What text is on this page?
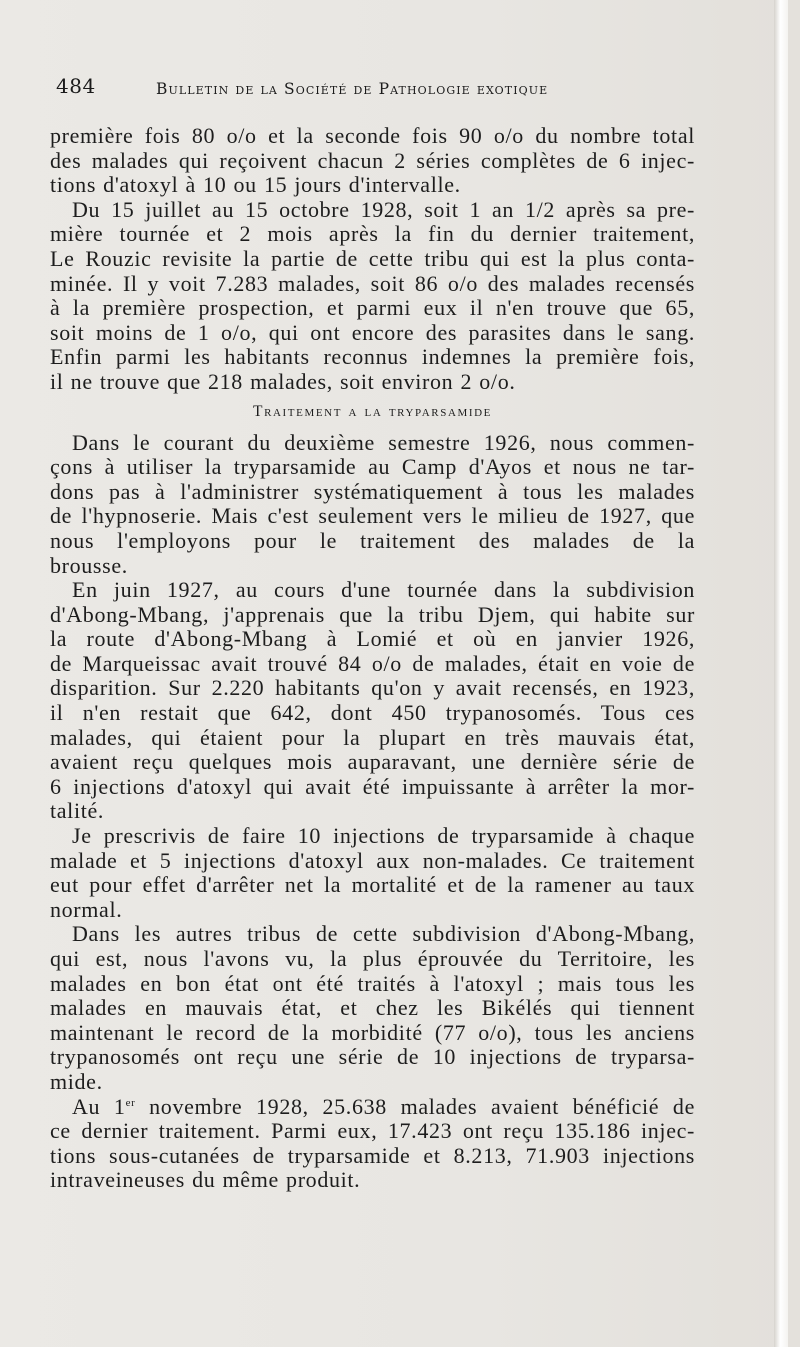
484	Bulletin de la Société de Pathologie exotique
première fois 80 o/o et la seconde fois 90 o/o du nombre total
des malades qui reçoivent chacun 2 séries complètes de 6 injec-
tions d'atoxyl à 10 ou 15 jours d'intervalle.
Du 15 juillet au 15 octobre 1928, soit 1 an 1/2 après sa pre-
mière tournée et 2 mois après la fin du dernier traitement,
Le Rouzic revisite la partie de cette tribu qui est la plus conta-
minée. Il y voit 7.283 malades, soit 86 o/o des malades recensés
à la première prospection, et parmi eux il n'en trouve que 65,
soit moins de 1 o/o, qui ont encore des parasites dans le sang.
Enfin parmi les habitants reconnus indemnes la première fois,
il ne trouve que 218 malades, soit environ 2 o/o.
Traitement a la tryparsamide
Dans le courant du deuxième semestre 1926, nous commen-
çons à utiliser la tryparsamide au Camp d'Ayos et nous ne tar-
dons pas à l'administrer systématiquement à tous les malades
de l'hypnoserie. Mais c'est seulement vers le milieu de 1927, que
nous l'employons pour le traitement des malades de la
brousse.
En juin 1927, au cours d'une tournée dans la subdivision
d'Abong-Mbang, j'apprenais que la tribu Djem, qui habite sur
la route d'Abong-Mbang à Lomié et où en janvier 1926,
de Marqueissac avait trouvé 84 o/o de malades, était en voie de
disparition. Sur 2.220 habitants qu'on y avait recensés, en 1923,
il n'en restait que 642, dont 450 trypanosomés. Tous ces
malades, qui étaient pour la plupart en très mauvais état,
avaient reçu quelques mois auparavant, une dernière série de
6 injections d'atoxyl qui avait été impuissante à arrêter la mor-
talité.
Je prescrivis de faire 10 injections de tryparsamide à chaque
malade et 5 injections d'atoxyl aux non-malades. Ce traitement
eut pour effet d'arrêter net la mortalité et de la ramener au taux
normal.
Dans les autres tribus de cette subdivision d'Abong-Mbang,
qui est, nous l'avons vu, la plus éprouvée du Territoire, les
malades en bon état ont été traités à l'atoxyl ; mais tous les
malades en mauvais état, et chez les Bikélés qui tiennent
maintenant le record de la morbidité (77 o/o), tous les anciens
trypanosomés ont reçu une série de 10 injections de tryparsa-
mide.
Au 1er novembre 1928, 25.638 malades avaient bénéficié de
ce dernier traitement. Parmi eux, 17.423 ont reçu 135.186 injec-
tions sous-cutanées de tryparsamide et 8.213, 71.903 injections
intraveineuses du même produit.
